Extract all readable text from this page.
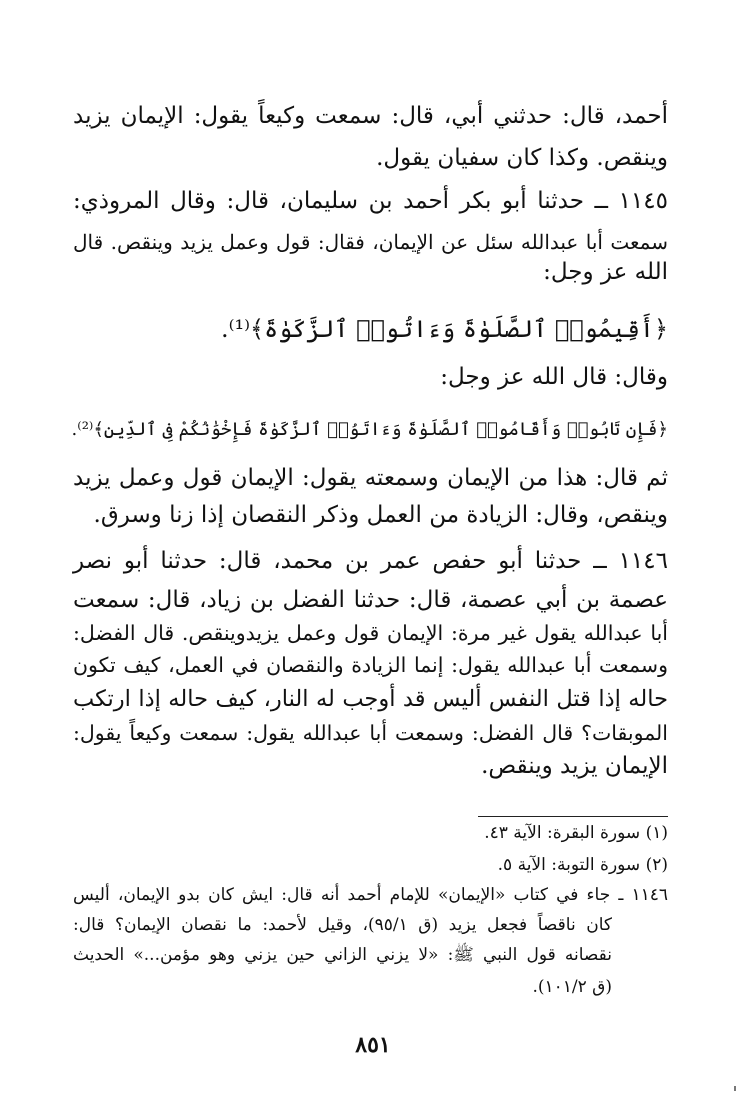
أحمد، قال: حدثني أبي، قال: سمعت وكيعاً يقول: الإيمان يزيد
وينقص. وكذا كان سفيان يقول.
١١٤٥ ــ حدثنا أبو بكر أحمد بن سليمان، قال: وقال المروذي:
سمعت أبا عبدالله سئل عن الإيمان، فقال: قول وعمل يزيد وينقص. قال
الله عز وجل:
﴿أَقِيمُوا۟ ٱلصَّلَوٰةَ وَءَاتُوا۟ ٱلزَّكَوٰةَ﴾⁽¹⁾.
وقال: قال الله عز وجل:
﴿فَإِن تَابُوا۟ وَأَقَامُوا۟ ٱلصَّلَوٰةَ وَءَاتَوُا۟ ٱلزَّكَوٰةَ فَإِخْوَٰنُكُمْ فِى ٱلدِّينِ﴾⁽²⁾.
ثم قال: هذا من الإيمان وسمعته يقول: الإيمان قول وعمل يزيد
وينقص، وقال: الزيادة من العمل وذكر النقصان إذا زنا وسرق.
١١٤٦ ــ حدثنا أبو حفص عمر بن محمد، قال: حدثنا أبو نصر
عصمة بن أبي عصمة، قال: حدثنا الفضل بن زياد، قال: سمعت
أبا عبدالله يقول غير مرة: الإيمان قول وعمل يزيدوينقص. قال الفضل:
وسمعت أبا عبدالله يقول: إنما الزيادة والنقصان في العمل، كيف تكون
حاله إذا قتل النفس أليس قد أوجب له النار، كيف حاله إذا ارتكب
الموبقات؟ قال الفضل: وسمعت أبا عبدالله يقول: سمعت وكيعاً يقول:
الإيمان يزيد وينقص.
(١) سورة البقرة: الآية ٤٣.
(٢) سورة التوبة: الآية ٥.
١١٤٦ ـ جاء في كتاب «الإيمان» للإمام أحمد أنه قال: ايش كان بدو الإيمان، أليس
كان ناقصاً فجعل يزيد (ق ٩٥/١)، وقيل لأحمد: ما نقصان الإيمان؟ قال:
نقصانه قول النبي ﷺ: «لا يزني الزاني حين يزني وهو مؤمن...» الحديث
(ق ١٠١/٢).
٨٥١
